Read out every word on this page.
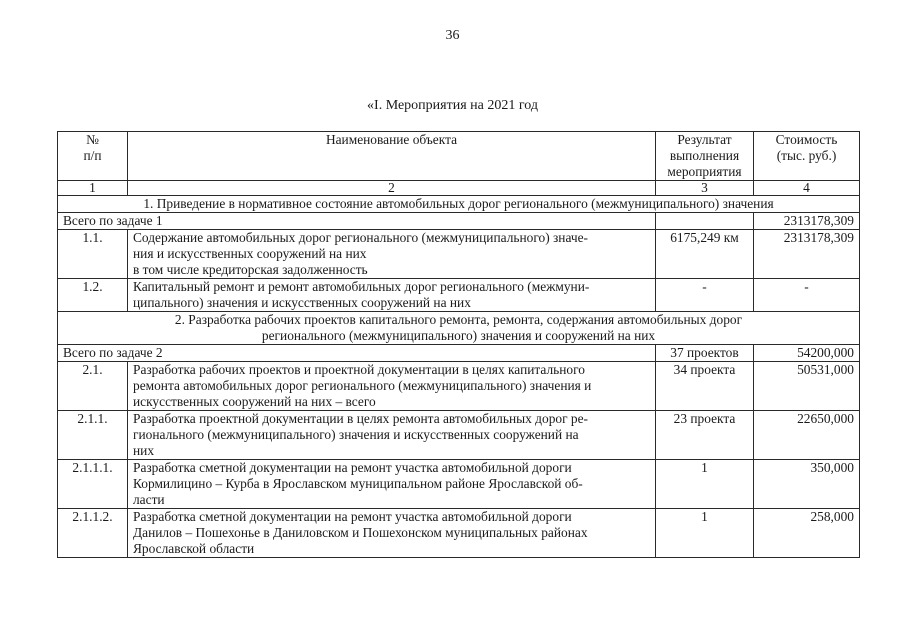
36
«I. Мероприятия на 2021 год
№
п/п	Наименование объекта	Результат
выполнения
мероприятия	Стоимость
(тыс. руб.)

1	2	3	4
1. Приведение в нормативное состояние автомобильных дорог регионального (межмуниципального) значения			
Всего по задаче 1			2313178,309
1.1.	Содержание автомобильных дорог регионального (межмуниципального) значе-
ния и искусственных сооружений на них
в том числе кредиторская задолженность	6175,249 км	2313178,309
1.2.	Капитальный ремонт и ремонт автомобильных дорог регионального (межмуни-
ципального) значения и искусственных сооружений на них	-	-

2. Разработка рабочих проектов капитального ремонта, ремонта, содержания автомобильных дорог
регионального (межмуниципального) значения и сооружений на них			

Всего по задаче 2		37 проектов	54200,000
2.1.	Разработка рабочих проектов и проектной документации в целях капитального
ремонта автомобильных дорог регионального (межмуниципального) значения и
искусственных сооружений на них – всего	34 проекта	50531,000
2.1.1.	Разработка проектной документации в целях ремонта автомобильных дорог ре-
гионального (межмуниципального) значения и искусственных сооружений на
них	23 проекта	22650,000
2.1.1.1.	Разработка сметной документации на ремонт участка автомобильной дороги
Кормилицино – Курба в Ярославском муниципальном районе Ярославской об-
ласти	1	350,000
2.1.1.2.	Разработка сметной документации на ремонт участка автомобильной дороги
Данилов – Пошехонье в Даниловском и Пошехонском муниципальных районах
Ярославской области	1	258,000
